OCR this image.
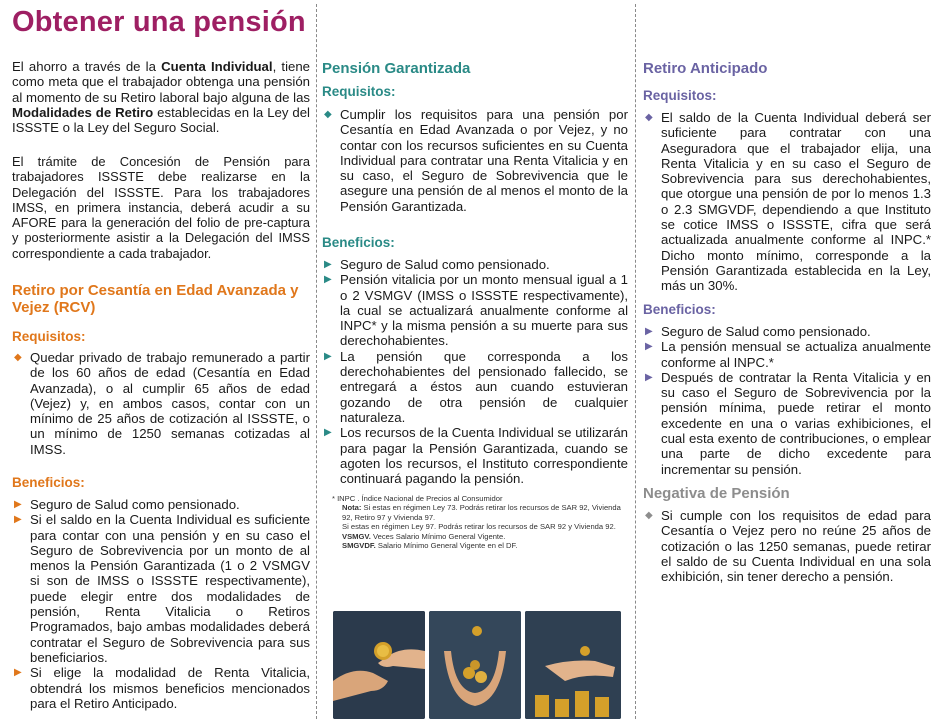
Obtener una pensión

El ahorro a través de la Cuenta Individual, tiene como meta que el trabajador obtenga una pensión al momento de su Retiro laboral bajo alguna de las Modalidades de Retiro establecidas en la Ley del ISSSTE o la Ley del Seguro Social.

El trámite de Concesión de Pensión para trabajadores ISSSTE debe realizarse en la Delegación del ISSSTE. Para los trabajadores IMSS, en primera instancia, deberá acudir a su AFORE para la generación del folio de pre-captura y posteriormente asistir a la Delegación del IMSS correspondiente a cada trabajador.

Retiro por Cesantía en Edad Avanzada y Vejez (RCV)
Requisitos:
◆ Quedar privado de trabajo remunerado a partir de los 60 años de edad (Cesantía en Edad Avanzada), o al cumplir 65 años de edad (Vejez) y, en ambos casos, contar con un mínimo de 25 años de cotización al ISSSTE, o un mínimo de 1250 semanas cotizadas al IMSS.
Beneficios:
▶ Seguro de Salud como pensionado.
▶ Si el saldo en la Cuenta Individual es suficiente para contar con una pensión y en su caso el Seguro de Sobrevivencia por un monto de al menos la Pensión Garantizada (1 o 2 VSMGV si son de IMSS o ISSSTE respectivamente), puede elegir entre dos modalidades de pensión, Renta Vitalicia o Retiros Programados, bajo ambas modalidades deberá contratar el Seguro de Sobrevivencia para sus beneficiarios.
▶ Si elige la modalidad de Renta Vitalicia, obtendrá los mismos beneficios mencionados para el Retiro Anticipado.
Pensión Garantizada
Requisitos:
◆ Cumplir los requisitos para una pensión por Cesantía en Edad Avanzada o por Vejez, y no contar con los recursos suficientes en su Cuenta Individual para contratar una Renta Vitalicia y en su caso, el Seguro de Sobrevivencia que le asegure una pensión de al menos el monto de la Pensión Garantizada.
Beneficios:
▶ Seguro de Salud como pensionado.
▶ Pensión vitalicia por un monto mensual igual a 1 o 2 VSMGV (IMSS o ISSSTE respectivamente), la cual se actualizará anualmente conforme al INPC* y la misma pensión a su muerte para sus derechohabientes.
▶ La pensión que corresponda a los derechohabientes del pensionado fallecido, se entregará a éstos aun cuando estuvieran gozando de otra pensión de cualquier naturaleza.
▶ Los recursos de la Cuenta Individual se utilizarán para pagar la Pensión Garantizada, cuando se agoten los recursos, el Instituto correspondiente continuará pagando la pensión.
* INPC . Índice Nacional de Precios al Consumidor
Nota: Si estas en régimen Ley 73. Podrás retirar los recursos de SAR 92, Vivienda 92, Retiro 97 y Vivienda 97.
Si estas en régimen Ley 97. Podrás retirar los recursos de SAR 92 y Vivienda 92.
VSMGV. Veces Salario Mínimo General Vigente.
SMGVDF. Salario Mínimo General Vigente en el DF.
Retiro Anticipado
Requisitos:
◆ El saldo de la Cuenta Individual deberá ser suficiente para contratar con una Aseguradora que el trabajador elija, una Renta Vitalicia y en su caso el Seguro de Sobrevivencia para sus derechohabientes, que otorgue una pensión de por lo menos 1.3 o 2.3 SMGVDF, dependiendo a que Instituto se cotice IMSS o ISSSTE, cifra que será actualizada anualmente conforme al INPC.* Dicho monto mínimo, corresponde a la Pensión Garantizada establecida en la Ley, más un 30%.
Beneficios:
▶ Seguro de Salud como pensionado.
▶ La pensión mensual se actualiza anualmente conforme al INPC.*
▶ Después de contratar la Renta Vitalicia y en su caso el Seguro de Sobrevivencia por la pensión mínima, puede retirar el monto excedente en una o varias exhibiciones, el cual esta exento de contribuciones, o emplear una parte de dicho excedente para incrementar su pensión.
Negativa de Pensión
◆ Si cumple con los requisitos de edad para Cesantía o Vejez pero no reúne 25 años de cotización o las 1250 semanas, puede retirar el saldo de su Cuenta Individual en una sola exhibición, sin tener derecho a pensión.
